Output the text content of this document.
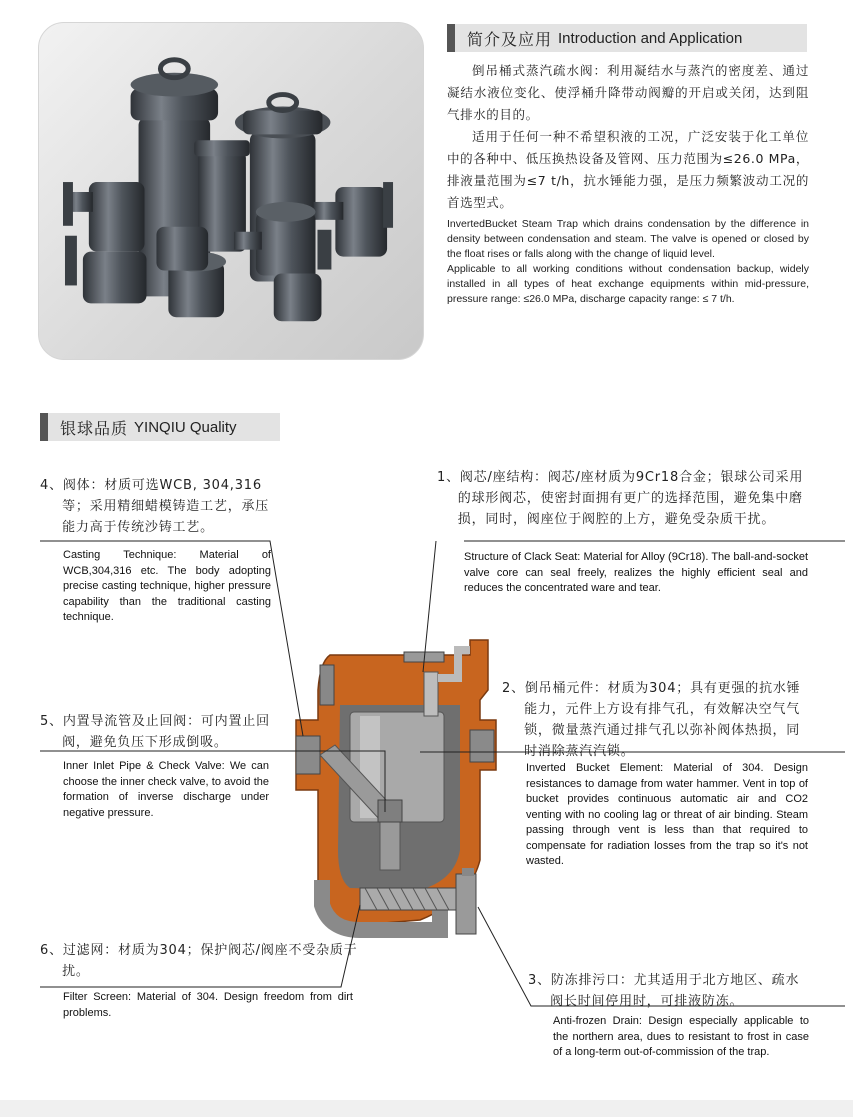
简介及应用 Introduction and Application

倒吊桶式蒸汽疏水阀：利用凝结水与蒸汽的密度差、通过凝结水液位变化、使浮桶升降带动阀瓣的开启或关闭，达到阻气排水的目的。

适用于任何一种不希望积液的工况，广泛安装于化工单位中的各种中、低压换热设备及管网、压力范围为≤26.0 MPa，排液量范围为≤7 t/h，抗水锤能力强，是压力频繁波动工况的首选型式。

InvertedBucket Steam Trap which drains condensation by the difference in density between condensation and steam. The valve is opened or closed by the float rises or falls along with the change of liquid level.

Applicable to all working conditions without condensation backup, widely installed in all types of heat exchange equipments within mid-pressure, pressure range: ≤26.0 MPa, discharge capacity range: ≤ 7 t/h.

银球品质 YINQIU Quality
1、阀芯/座结构：阀芯/座材质为9Cr18合金；银球公司采用的球形阀芯，使密封面拥有更广的选择范围，避免集中磨损，同时，阀座位于阀腔的上方，避免受杂质干扰。
Structure of Clack Seat: Material for Alloy (9Cr18). The ball-and-socket valve core can seal freely, realizes the highly efficient seal and reduces the concentrated ware and tear.
2、倒吊桶元件：材质为304；具有更强的抗水锤能力，元件上方设有排气孔，有效解决空气气锁，微量蒸汽通过排气孔以弥补阀体热损，同时消除蒸汽汽锁。
Inverted Bucket Element: Material of 304. Design resistances to damage from water hammer. Vent in top of bucket provides continuous automatic air and CO2 venting with no cooling lag or threat of air binding. Steam passing through vent is less than that required to compensate for radiation losses from the trap so it's not wasted.
3、防冻排污口：尤其适用于北方地区、疏水阀长时间停用时，可排液防冻。
Anti-frozen Drain: Design especially applicable to the northern area, dues to resistant to frost in case of a long-term out-of-commission of the trap.
4、阀体：材质可选WCB, 304,316等；采用精细蜡模铸造工艺，承压能力高于传统沙铸工艺。
Casting Technique: Material of WCB,304,316 etc. The body adopting precise casting technique, higher pressure capability than the traditional casting technique.
5、内置导流管及止回阀：可内置止回阀，避免负压下形成倒吸。
Inner Inlet Pipe & Check Valve: We can choose the inner check valve, to avoid the formation of inverse discharge under negative pressure.
6、过滤网：材质为304；保护阀芯/阀座不受杂质干扰。
Filter Screen: Material of 304. Design freedom from dirt problems.
